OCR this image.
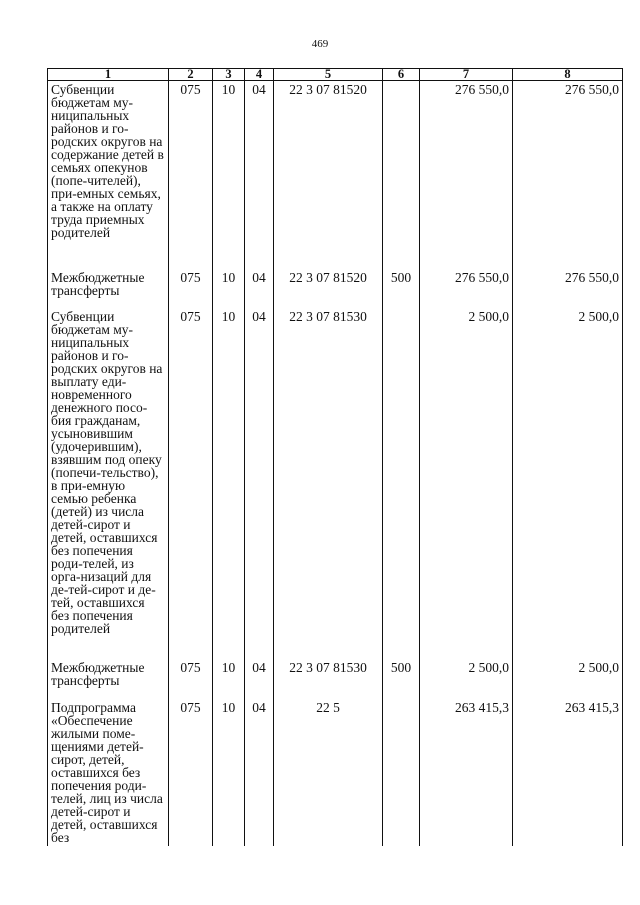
469
1	2	3	4	5	6	7	8
Субвенции бюджетам му-ниципальных районов и го-родских округов на содержание детей в семьях опекунов (попе-чителей), при-емных семьях, а также на оплату труда приемных родителей	075	10	04	22 3 07 81520		276 550,0	276 550,0
Межбюджетные трансферты	075	10	04	22 3 07 81520	500	276 550,0	276 550,0
Субвенции бюджетам му-ниципальных районов и го-родских округов на выплату еди-новременного денежного посо-бия гражданам, усыновившим (удочерившим), взявшим под опеку (попечи-тельство), в при-емную семью ребенка (детей) из числа детей-сирот и детей, оставшихся без попечения роди-телей, из орга-низаций для де-тей-сирот и де-тей, оставшихся без попечения родителей	075	10	04	22 3 07 81530		2 500,0	2 500,0
Межбюджетные трансферты	075	10	04	22 3 07 81530	500	2 500,0	2 500,0
Подпрограмма «Обеспечение жилыми поме-щениями детей-сирот, детей, оставшихся без попечения роди-телей, лиц из числа детей-сирот и детей, оставшихся без	075	10	04	22 5		263 415,3	263 415,3
